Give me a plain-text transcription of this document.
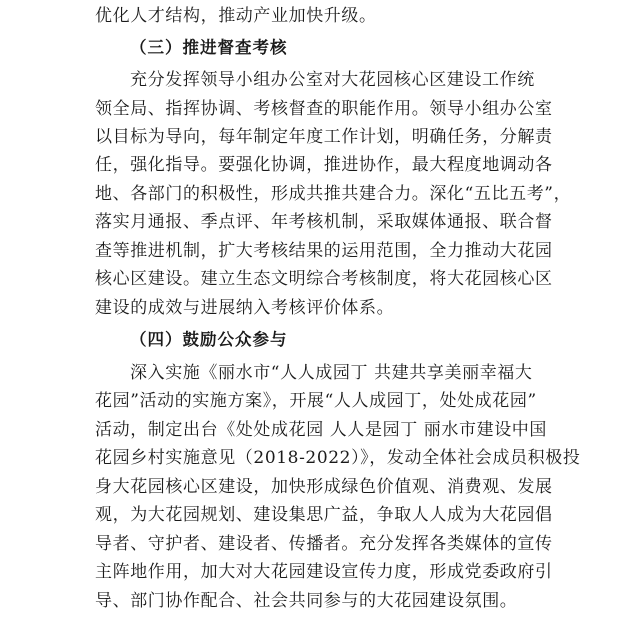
优化人才结构，推动产业加快升级。
（三）推进督查考核
充分发挥领导小组办公室对大花园核心区建设工作统
领全局、指挥协调、考核督查的职能作用。领导小组办公室
以目标为导向，每年制定年度工作计划，明确任务，分解责
任，强化指导。要强化协调，推进协作，最大程度地调动各
地、各部门的积极性，形成共推共建合力。深化“五比五考”，
落实月通报、季点评、年考核机制，采取媒体通报、联合督
查等推进机制，扩大考核结果的运用范围，全力推动大花园
核心区建设。建立生态文明综合考核制度，将大花园核心区
建设的成效与进展纳入考核评价体系。
（四）鼓励公众参与
深入实施《丽水市“人人成园丁 共建共享美丽幸福大
花园”活动的实施方案》，开展“人人成园丁，处处成花园”
活动，制定出台《处处成花园 人人是园丁 丽水市建设中国
花园乡村实施意见（2018-2022）》，发动全体社会成员积极投
身大花园核心区建设，加快形成绿色价值观、消费观、发展
观，为大花园规划、建设集思广益，争取人人成为大花园倡
导者、守护者、建设者、传播者。充分发挥各类媒体的宣传
主阵地作用，加大对大花园建设宣传力度，形成党委政府引
导、部门协作配合、社会共同参与的大花园建设氛围。
